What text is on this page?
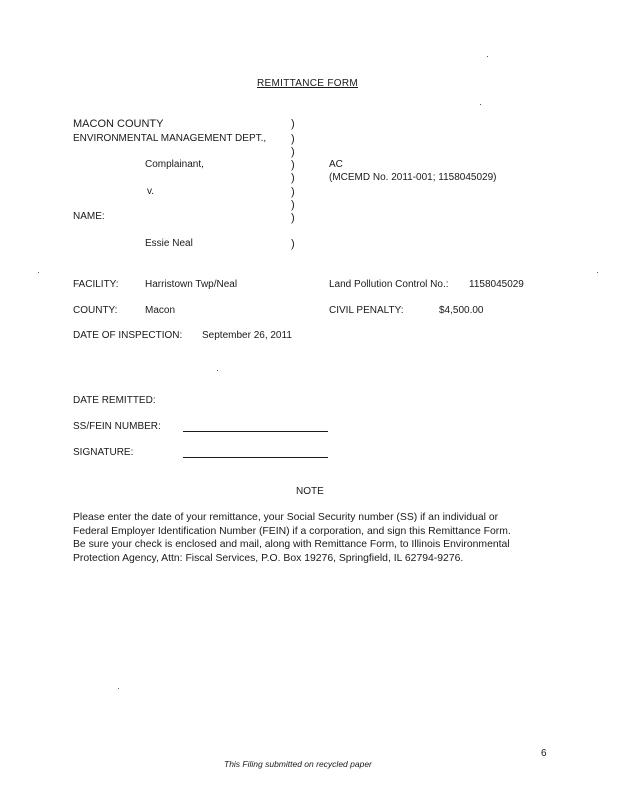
REMITTANCE FORM
MACON COUNTY
ENVIRONMENTAL MANAGEMENT DEPT.,
Complainant,
v.
NAME:
Essie Neal
)
)
)
)
)
)
)
)
)
AC
(MCEMD No. 2011-001; 1158045029)
FACILITY:	Harristown Twp/Neal	Land Pollution Control No.: 1158045029
COUNTY:	Macon	CIVIL PENALTY:	$4,500.00
DATE OF INSPECTION: September 26, 2011
DATE REMITTED:
SS/FEIN NUMBER:
SIGNATURE:
NOTE
Please enter the date of your remittance, your Social Security number (SS) if an individual or
Federal Employer Identification Number (FEIN) if a corporation, and sign this Remittance Form.
Be sure your check is enclosed and mail, along with Remittance Form, to Illinois Environmental
Protection Agency, Attn: Fiscal Services, P.O. Box 19276, Springfield, IL 62794-9276.
6
This Filing submitted on recycled paper
